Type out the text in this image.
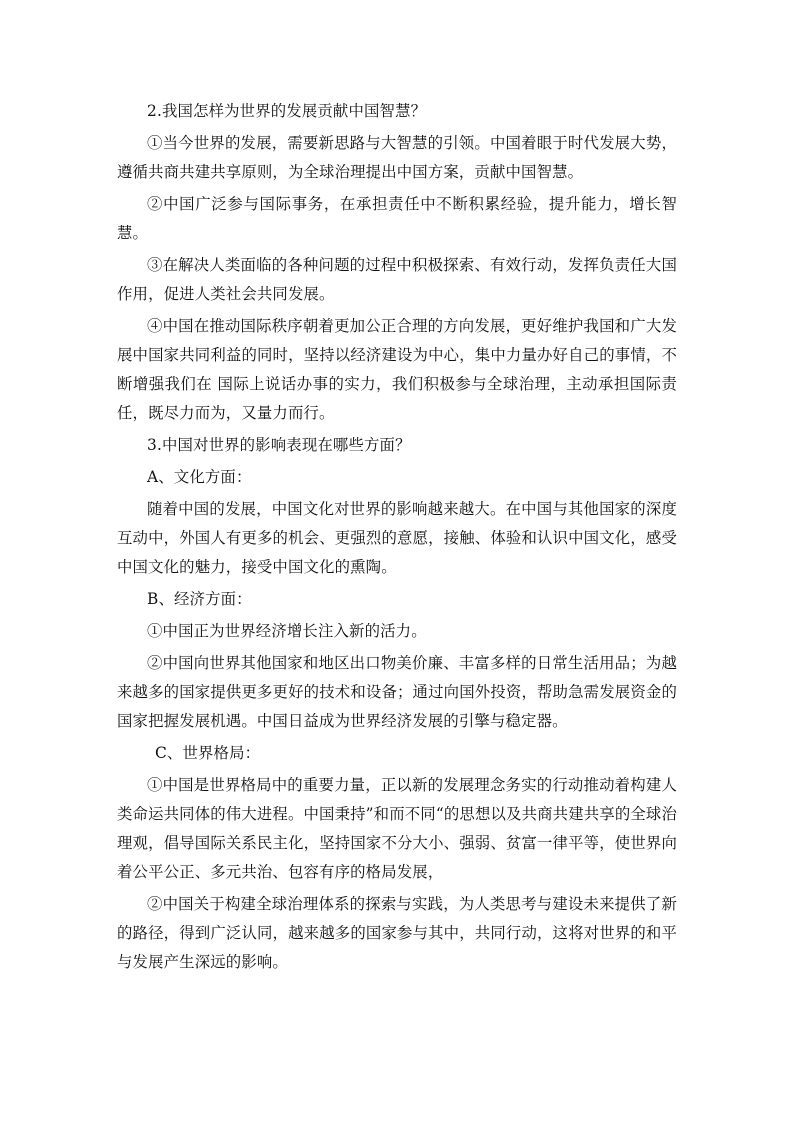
2.我国怎样为世界的发展贡献中国智慧？

①当今世界的发展，需要新思路与大智慧的引领。中国着眼于时代发展大势，遵循共商共建共享原则，为全球治理提出中国方案，贡献中国智慧。

②中国广泛参与国际事务，在承担责任中不断积累经验，提升能力，增长智慧。

③在解决人类面临的各种问题的过程中积极探索、有效行动，发挥负责任大国作用，促进人类社会共同发展。

④中国在推动国际秩序朝着更加公正合理的方向发展，更好维护我国和广大发展中国家共同利益的同时，坚持以经济建设为中心，集中力量办好自己的事情，不断增强我们在 国际上说话办事的实力，我们积极参与全球治理，主动承担国际责任，既尽力而为，又量力而行。

3.中国对世界的影响表现在哪些方面？

A、文化方面：

随着中国的发展，中国文化对世界的影响越来越大。在中国与其他国家的深度互动中，外国人有更多的机会、更强烈的意愿，接触、体验和认识中国文化，感受中国文化的魅力，接受中国文化的熏陶。

B、经济方面：

①中国正为世界经济增长注入新的活力。

②中国向世界其他国家和地区出口物美价廉、丰富多样的日常生活用品；为越来越多的国家提供更多更好的技术和设备；通过向国外投资，帮助急需发展资金的国家把握发展机遇。中国日益成为世界经济发展的引擎与稳定器。

C、世界格局：

①中国是世界格局中的重要力量，正以新的发展理念务实的行动推动着构建人类命运共同体的伟大进程。中国秉持”和而不同“的思想以及共商共建共享的全球治理观，倡导国际关系民主化，坚持国家不分大小、强弱、贫富一律平等，使世界向着公平公正、多元共治、包容有序的格局发展，

②中国关于构建全球治理体系的探索与实践，为人类思考与建设未来提供了新的路径，得到广泛认同，越来越多的国家参与其中，共同行动，这将对世界的和平与发展产生深远的影响。
